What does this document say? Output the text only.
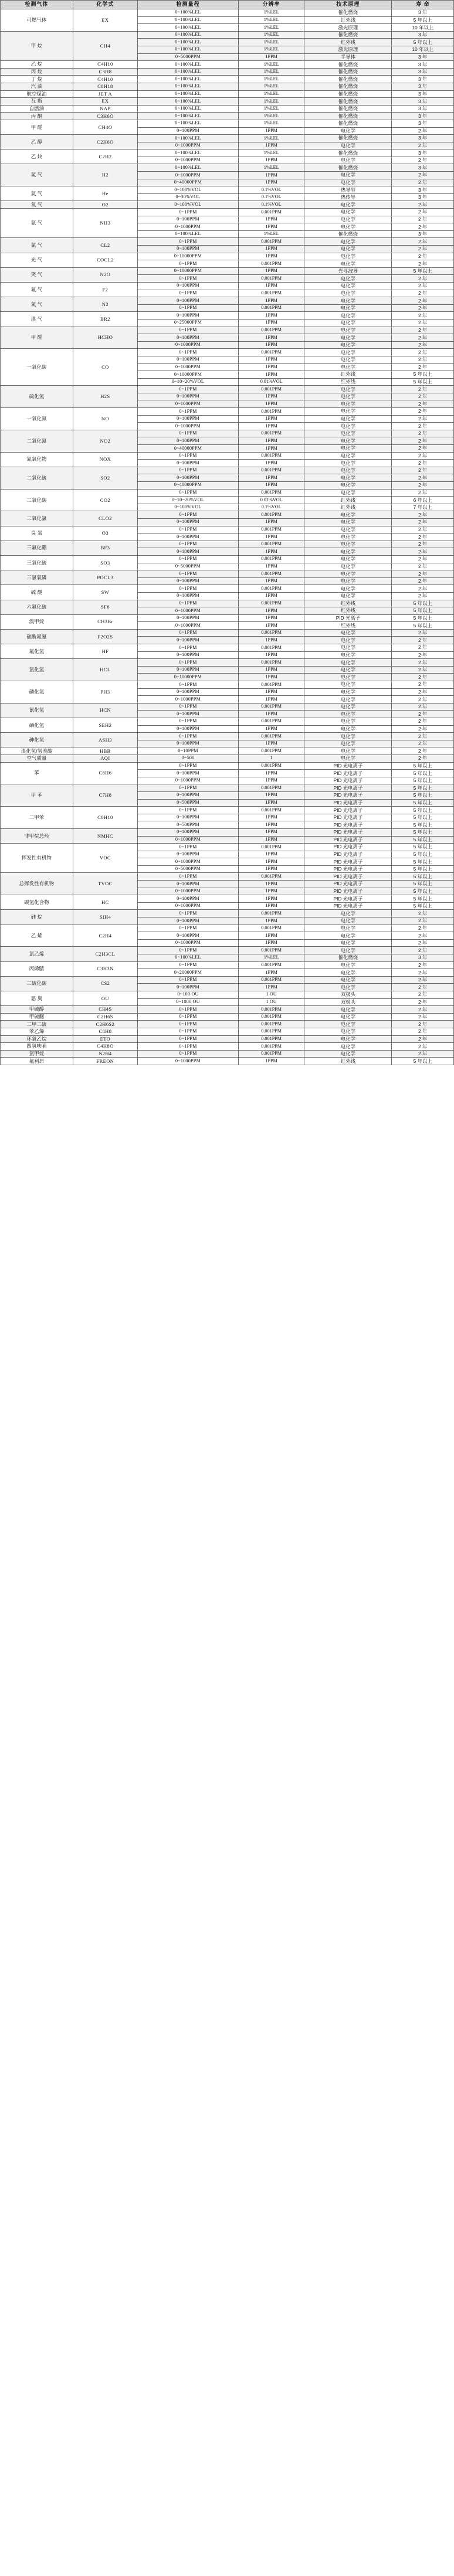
检测气体	化学式	检测量程	分辨率	技术原理	寿 命
可燃气体	EX	0~100%LEL	1%LEL	催化燃烧	3 年
		0~100%LEL	1%LEL	红外线	5 年以上
		0~100%LEL	1%LEL	激光原理	10 年以上
甲 烷	CH4	0~100%LEL	1%LEL	催化燃烧	3 年
		0~100%LEL	1%LEL	红外线	5 年以上
		0~100%LEL	1%LEL	激光原理	10 年以上
		0~5000PPM	1PPM	半导体	3 年
乙 烷	C4H10	0~100%LEL	1%LEL	催化燃烧	3 年
丙 烷	C3H8	0~100%LEL	1%LEL	催化燃烧	3 年
丁 烷	C4H10	0~100%LEL	1%LEL	催化燃烧	3 年
汽 油	C8H18	0~100%LEL	1%LEL	催化燃烧	3 年
航空煤油	JET A	0~100%LEL	1%LEL	催化燃烧	3 年
瓦 斯	EX	0~100%LEL	1%LEL	催化燃烧	3 年
自燃油	NAP	0~100%LEL	1%LEL	催化燃烧	3 年
丙 酮	C3H6O	0~100%LEL	1%LEL	催化燃烧	3 年
甲 醛	CH4O	0~100%LEL	1%LEL	催化燃烧	3 年
		0~100PPM	1PPM	电化学	2 年
乙 醇	C2H6O	0~100%LEL	1%LEL	催化燃烧	3 年
		0~1000PPM	1PPM	电化学	2 年
乙 炔	C2H2	0~100%LEL	1%LEL	催化燃烧	3 年
		0~1000PPM	1PPM	电化学	2 年
氢 气	H2	0~100%LEL	1%LEL	催化燃烧	3 年
		0~1000PPM	1PPM	电化学	2 年
		0~40000PPM	1PPM	电化学	2 年
氦 气	He	0~100%VOL	0.1%VOL	热导型	3 年
		0~30%VOL	0.1%VOL	热传导	3 年
氧 气	O2	0~100%VOL	0.1%VOL	电化学	2 年
氨 气	NH3	0~1PPM	0.001PPM	电化学	2 年
		0~100PPM	1PPM	电化学	2 年
		0~1000PPM	1PPM	电化学	2 年
		0~100%LEL	1%LEL	催化燃烧	3 年
氯 气	CL2	0~1PPM	0.001PPM	电化学	2 年
		0~100PPM	1PPM	电化学	2 年
光 气	COCL2	0~10000PPM	1PPM	电化学	2 年
		0~1PPM	0.001PPM	电化学	2 年
笑 气	N2O	0~10000PPM	1PPM	光寻波导	5 年以上
		0~1PPM	0.001PPM	电化学	2 年
氟 气	F2	0~100PPM	1PPM	电化学	2 年
		0~1PPM	0.001PPM	电化学	2 年
氮 气	N2	0~100PPM	1PPM	电化学	2 年
		0~1PPM	0.001PPM	电化学	2 年
溴 气	BR2	0~100PPM	1PPM	电化学	2 年
		0~25000PPM	1PPM	电化学	2 年
甲 醛	HCHO	0~1PPM	0.001PPM	电化学	2 年
		0~100PPM	1PPM	电化学	2 年
		0~1000PPM	1PPM	电化学	2 年
一氧化碳	CO	0~1PPM	0.001PPM	电化学	2 年
		0~100PPM	1PPM	电化学	2 年
		0~1000PPM	1PPM	电化学	2 年
		0~10000PPM	1PPM	红外线	5 年以上
		0~10~20%VOL	0.01%VOL	红外线	5 年以上
硫化氢	H2S	0~1PPM	0.001PPM	电化学	2 年
		0~100PPM	1PPM	电化学	2 年
		0~1000PPM	1PPM	电化学	2 年
一氧化氮	NO	0~1PPM	0.001PPM	电化学	2 年
		0~100PPM	1PPM	电化学	2 年
		0~1000PPM	1PPM	电化学	2 年
二氧化氮	NO2	0~1PPM	0.001PPM	电化学	2 年
		0~100PPM	1PPM	电化学	2 年
		0~40000PPM	1PPM	电化学	2 年
氮氧化物	NOX	0~1PPM	0.001PPM	电化学	2 年
		0~100PPM	1PPM	电化学	2 年
二氧化硫	SO2	0~1PPM	0.001PPM	电化学	2 年
		0~100PPM	1PPM	电化学	2 年
		0~40000PPM	1PPM	电化学	2 年
二氧化碳	CO2	0~1PPM	0.001PPM	电化学	2 年
		0~10~20%VOL	0.01%VOL	红外线	6 年以上
		0~100%VOL	0.1%VOL	红外线	7 年以上
二氧化氯	CLO2	0~1PPM	0.001PPM	电化学	2 年
		0~100PPM	1PPM	电化学	2 年
臭 氧	O3	0~1PPM	0.001PPM	电化学	2 年
		0~100PPM	1PPM	电化学	2 年
三氟化硼	BF3	0~1PPM	0.001PPM	电化学	2 年
		0~100PPM	1PPM	电化学	2 年
三氧化硫	SO3	0~1PPM	0.001PPM	电化学	2 年
		0~5000PPM	1PPM	电化学	2 年
三氯氧磷	POCL3	0~1PPM	0.001PPM	电化学	2 年
		0~100PPM	1PPM	电化学	2 年
硫 醚	SW	0~1PPM	0.001PPM	电化学	2 年
		0~100PPM	1PPM	电化学	2 年
六氟化硫	SF6	0~1PPM	0.001PPM	红外线	5 年以上
		0~1000PPM	1PPM	红外线	5 年以上
溴甲烷	CH3Br	0~100PPM	1PPM	PID 光离子	5 年以上
		0~1000PPM	1PPM	红外线	5 年以上
硫酰氟氰	F2O2S	0~1PPM	0.001PPM	电化学	2 年
		0~100PPM	1PPM	电化学	2 年
氟化氢	HF	0~1PPM	0.001PPM	电化学	2 年
		0~100PPM	1PPM	电化学	2 年
氯化氢	HCL	0~1PPM	0.001PPM	电化学	2 年
		0~100PPM	1PPM	电化学	2 年
		0~10000PPM	1PPM	电化学	2 年
磷化氢	PH3	0~1PPM	0.001PPM	电化学	2 年
		0~100PPM	1PPM	电化学	2 年
		0~1000PPM	1PPM	电化学	2 年
氰化氢	HCN	0~1PPM	0.001PPM	电化学	2 年
		0~100PPM	1PPM	电化学	2 年
硒化氢	SEH2	0~1PPM	0.001PPM	电化学	2 年
		0~100PPM	1PPM	电化学	2 年
砷化氢	ASH3	0~1PPM	0.001PPM	电化学	2 年
		0~100PPM	1PPM	电化学	2 年
溴化氢/氢溴酸	HBR	0~10PPM	0.001PPM	电化学	2 年
空气质量	AQI	0~500	1	电化学	2 年
苯	C6H6	0~1PPM	0.001PPM	PID 光电离子	5 年以上
		0~100PPM	1PPM	PID 光电离子	5 年以上
		0~1000PPM	1PPM	PID 光电离子	5 年以上
甲 苯	C7H8	0~1PPM	0.001PPM	PID 光电离子	5 年以上
		0~100PPM	1PPM	PID 光电离子	5 年以上
		0~500PPM	1PPM	PID 光电离子	5 年以上
二甲苯	C8H10	0~1PPM	0.001PPM	PID 光电离子	5 年以上
		0~100PPM	1PPM	PID 光电离子	5 年以上
		0~500PPM	1PPM	PID 光电离子	5 年以上
非甲烷总烃	NMHC	0~100PPM	1PPM	PID 光电离子	5 年以上
		0~1000PPM	1PPM	PID 光电离子	5 年以上
挥发性有机物	VOC	0~1PPM	0.001PPM	PID 光电离子	5 年以上
		0~100PPM	1PPM	PID 光电离子	5 年以上
		0~1000PPM	1PPM	PID 光电离子	5 年以上
		0~5000PPM	1PPM	PID 光电离子	5 年以上
总挥发性有机物	TVOC	0~1PPM	0.001PPM	PID 光电离子	5 年以上
		0~100PPM	1PPM	PID 光电离子	5 年以上
		0~1000PPM	1PPM	PID 光电离子	5 年以上
碳氢化合物	HC	0~100PPM	1PPM	PID 光电离子	5 年以上
		0~1000PPM	1PPM	PID 光电离子	5 年以上
硅 烷	SIH4	0~1PPM	0.001PPM	电化学	2 年
		0~100PPM	1PPM	电化学	2 年
乙 烯	C2H4	0~1PPM	0.001PPM	电化学	2 年
		0~100PPM	1PPM	电化学	2 年
		0~1000PPM	1PPM	电化学	2 年
氯乙烯	C2H3CL	0~1PPM	0.001PPM	电化学	2 年
		0~100%LEL	1%LEL	催化燃烧	3 年
丙烯腈	C3H3N	0~1PPM	0.001PPM	电化学	2 年
		0~20000PPM	1PPM	电化学	2 年
二硫化碳	CS2	0~1PPM	0.001PPM	电化学	2 年
		0~100PPM	1PPM	电化学	2 年
恶 臭	OU	0~100 OU	1 OU	双极头	2 年
		0~1000 OU	1 OU	双极头	2 年
甲硫醇	CH4S	0~1PPM	0.001PPM	电化学	2 年
甲硫醚	C2H6S	0~1PPM	0.001PPM	电化学	2 年
二甲二硫	C2H6S2	0~1PPM	0.001PPM	电化学	2 年
苯乙烯	C8H8	0~1PPM	0.001PPM	电化学	2 年
环氧乙烷	ETO	0~1PPM	0.001PPM	电化学	2 年
四氢呋喃	C4H8O	0~1PPM	0.001PPM	电化学	2 年
氯甲烷	N2H4	0~1PPM	0.001PPM	电化学	2 年
氟利昂	FREON	0~1000PPM	1PPM	红外线	5 年以上
